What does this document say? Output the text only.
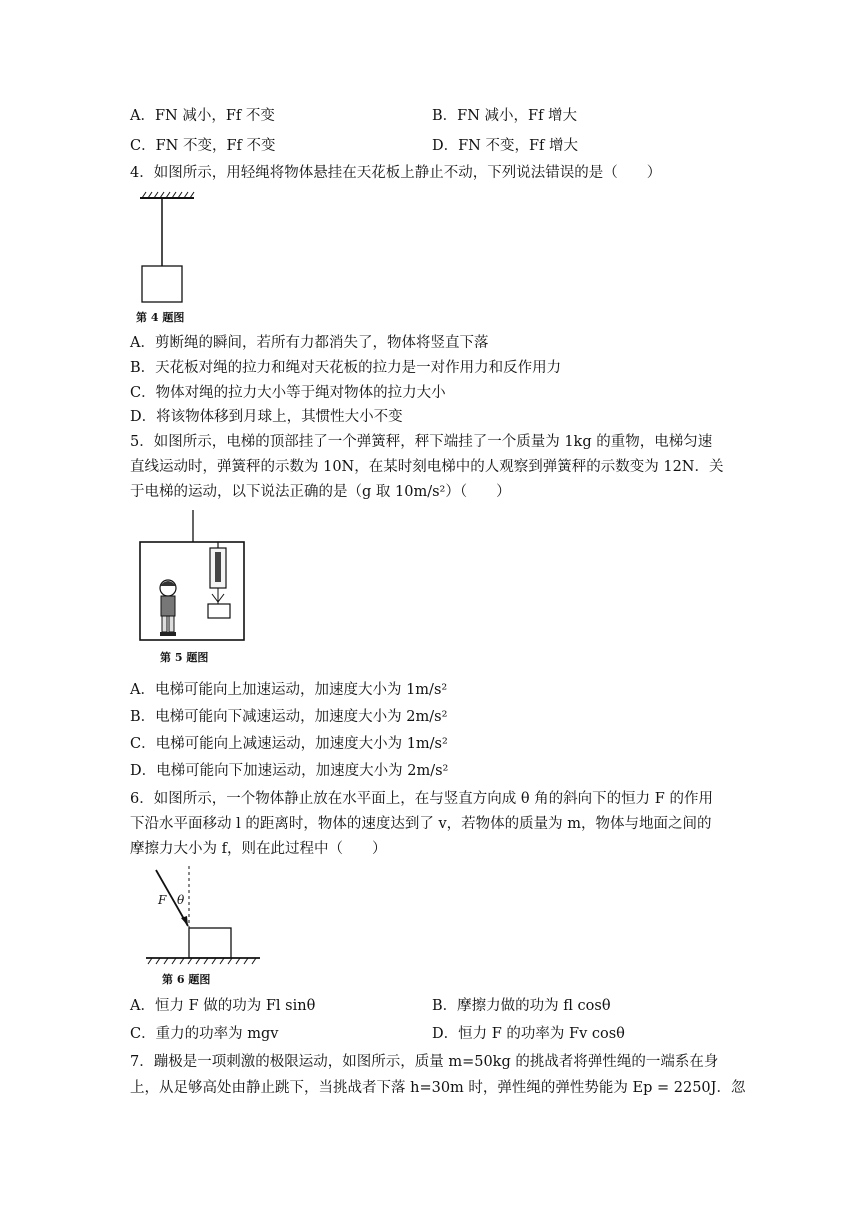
A．FN 减小，Ff 不变	B．FN 减小，Ff 增大
C．FN 不变，Ff 不变	D．FN 不变，Ff 增大
4．如图所示，用轻绳将物体悬挂在天花板上静止不动，下列说法错误的是（　　）
第 4 题图
A．剪断绳的瞬间，若所有力都消失了，物体将竖直下落
B．天花板对绳的拉力和绳对天花板的拉力是一对作用力和反作用力
C．物体对绳的拉力大小等于绳对物体的拉力大小
D．将该物体移到月球上，其惯性大小不变
5．如图所示，电梯的顶部挂了一个弹簧秤，秤下端挂了一个质量为 1kg 的重物，电梯匀速
直线运动时，弹簧秤的示数为 10N，在某时刻电梯中的人观察到弹簧秤的示数变为 12N．关
于电梯的运动，以下说法正确的是（g 取 10m/s²）（　　）
第 5 题图
A．电梯可能向上加速运动，加速度大小为 1m/s²
B．电梯可能向下减速运动，加速度大小为 2m/s²
C．电梯可能向上减速运动，加速度大小为 1m/s²
D．电梯可能向下加速运动，加速度大小为 2m/s²
6．如图所示，一个物体静止放在水平面上，在与竖直方向成 θ 角的斜向下的恒力 F 的作用
下沿水平面移动 l 的距离时，物体的速度达到了 v，若物体的质量为 m，物体与地面之间的
摩擦力大小为 f，则在此过程中（　　）
F θ
第 6 题图
A．恒力 F 做的功为 Fl sinθ	B．摩擦力做的功为 fl cosθ
C．重力的功率为 mgv	D．恒力 F 的功率为 Fv cosθ
7．蹦极是一项刺激的极限运动，如图所示，质量 m=50kg 的挑战者将弹性绳的一端系在身
上，从足够高处由静止跳下，当挑战者下落 h=30m 时，弹性绳的弹性势能为 Ep = 2250J．忽
